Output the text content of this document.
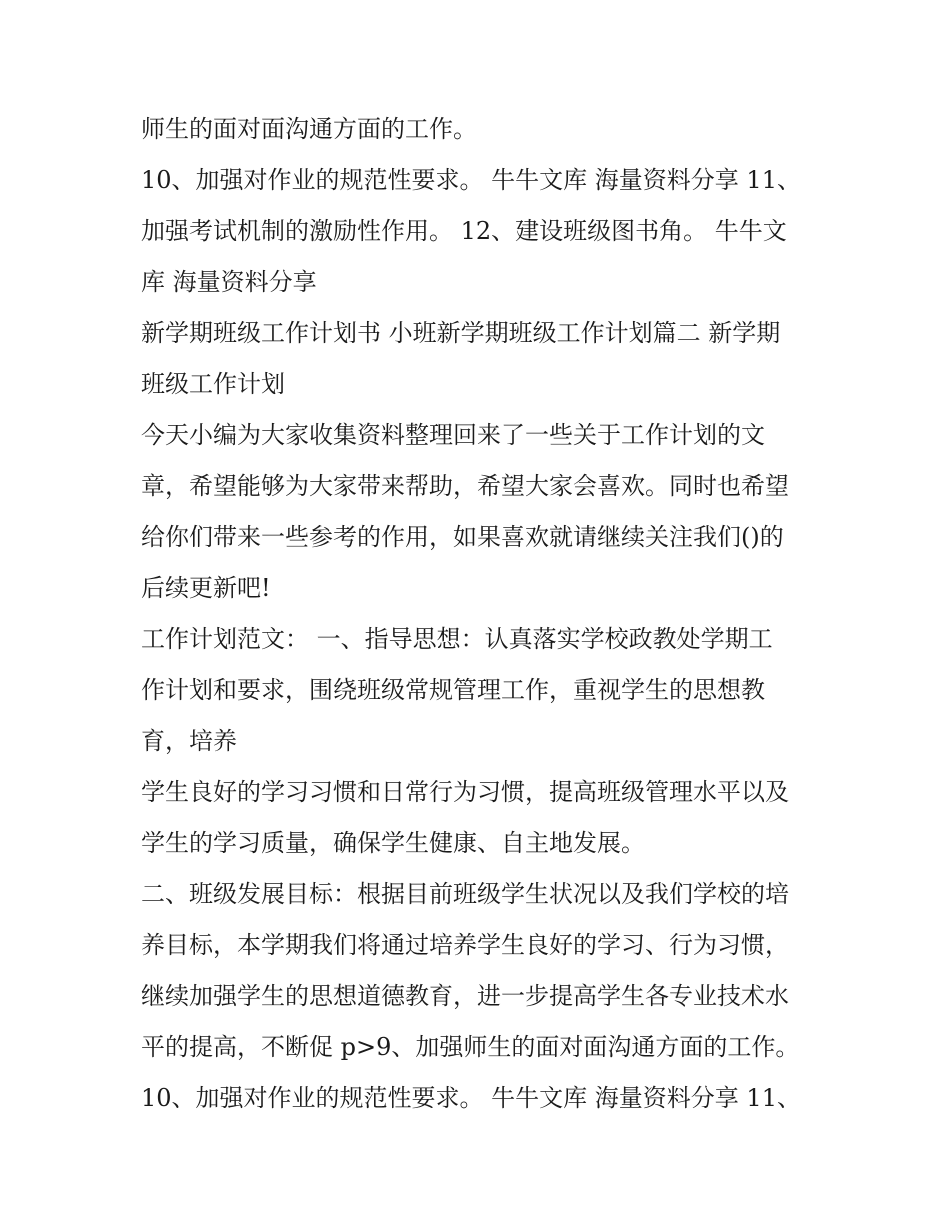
师生的面对面沟通方面的工作。
10、加强对作业的规范性要求。 牛牛文库 海量资料分享 11、
加强考试机制的激励性作用。 12、建设班级图书角。 牛牛文
库 海量资料分享
新学期班级工作计划书 小班新学期班级工作计划篇二 新学期
班级工作计划
今天小编为大家收集资料整理回来了一些关于工作计划的文
章，希望能够为大家带来帮助，希望大家会喜欢。同时也希望
给你们带来一些参考的作用，如果喜欢就请继续关注我们()的
后续更新吧!
工作计划范文： 一、指导思想：认真落实学校政教处学期工
作计划和要求，围绕班级常规管理工作，重视学生的思想教
育，培养
学生良好的学习习惯和日常行为习惯，提高班级管理水平以及
学生的学习质量，确保学生健康、自主地发展。
二、班级发展目标：根据目前班级学生状况以及我们学校的培
养目标，本学期我们将通过培养学生良好的学习、行为习惯，
继续加强学生的思想道德教育，进一步提高学生各专业技术水
平的提高，不断促 p>9、加强师生的面对面沟通方面的工作。
10、加强对作业的规范性要求。 牛牛文库 海量资料分享 11、
